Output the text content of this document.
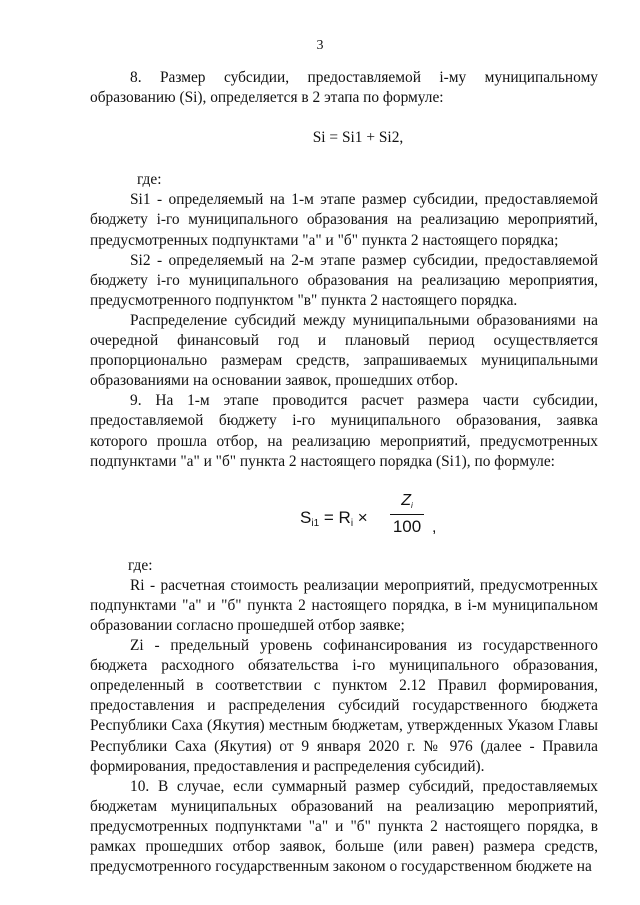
3

8. Размер субсидии, предоставляемой i-му муниципальному образованию (Si), определяется в 2 этапа по формуле:

Si = Si1 + Si2,

где:

Si1 - определяемый на 1-м этапе размер субсидии, предоставляемой бюджету i-го муниципального образования на реализацию мероприятий, предусмотренных подпунктами "а" и "б" пункта 2 настоящего порядка;

Si2 - определяемый на 2-м этапе размер субсидии, предоставляемой бюджету i-го муниципального образования на реализацию мероприятия, предусмотренного подпунктом "в" пункта 2 настоящего порядка.

Распределение субсидий между муниципальными образованиями на очередной финансовый год и плановый период осуществляется пропорционально размерам средств, запрашиваемых муниципальными образованиями на основании заявок, прошедших отбор.

9. На 1-м этапе проводится расчет размера части субсидии, предоставляемой бюджету i-го муниципального образования, заявка которого прошла отбор, на реализацию мероприятий, предусмотренных подпунктами "а" и "б" пункта 2 настоящего порядка (Si1), по формуле:

$S_{i1} = R_i$ ×
$Z_i$
100 ,

где:

Ri - расчетная стоимость реализации мероприятий, предусмотренных подпунктами "а" и "б" пункта 2 настоящего порядка, в i-м муниципальном образовании согласно прошедшей отбор заявке;

Zi - предельный уровень софинансирования из государственного бюджета расходного обязательства i-го муниципального образования, определенный в соответствии с пунктом 2.12 Правил формирования, предоставления и распределения субсидий государственного бюджета Республики Саха (Якутия) местным бюджетам, утвержденных Указом Главы Республики Саха (Якутия) от 9 января 2020 г. № 976 (далее - Правила формирования, предоставления и распределения субсидий).

10. В случае, если суммарный размер субсидий, предоставляемых бюджетам муниципальных образований на реализацию мероприятий, предусмотренных подпунктами "а" и "б" пункта 2 настоящего порядка, в рамках прошедших отбор заявок, больше (или равен) размера средств, предусмотренного государственным законом о государственном бюджете на
